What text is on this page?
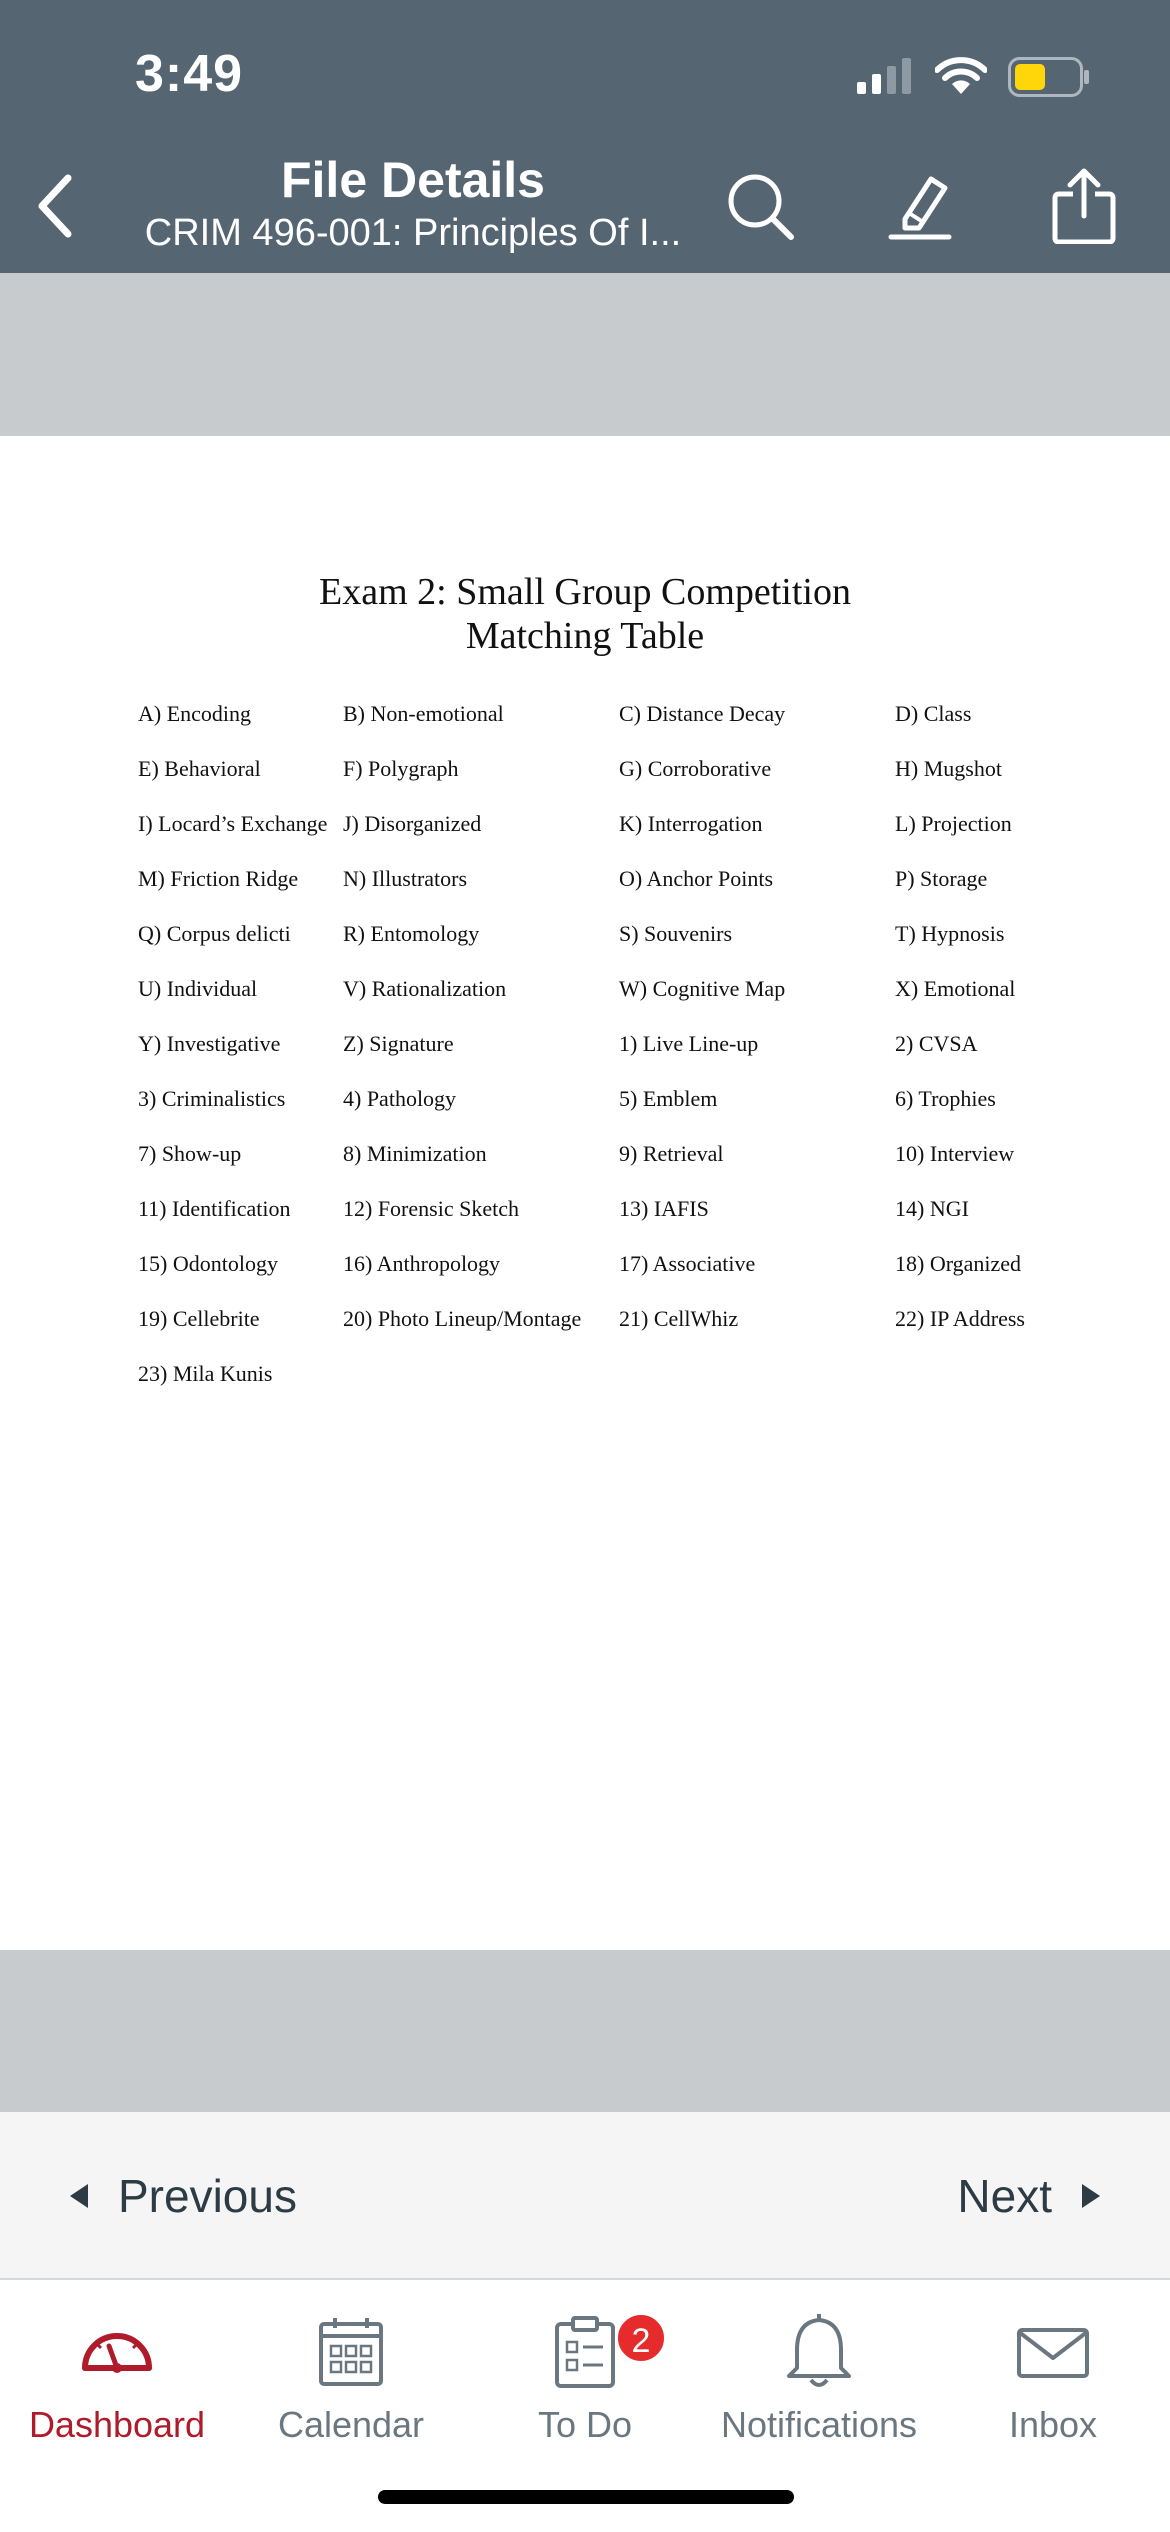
3:49
File Details
CRIM 496-001: Principles Of I...
Exam 2: Small Group Competition
Matching Table
A) Encoding	B) Non-emotional	C) Distance Decay	D) Class
E) Behavioral	F) Polygraph	G) Corroborative	H) Mugshot
I) Locard’s Exchange J) Disorganized	K) Interrogation	L) Projection
M) Friction Ridge N) Illustrators	O) Anchor Points	P) Storage
Q) Corpus delicti R) Entomology	S) Souvenirs	T) Hypnosis
U) Individual	V) Rationalization	W) Cognitive Map	X) Emotional
Y) Investigative	Z) Signature	1) Live Line-up	2) CVSA
3) Criminalistics	4) Pathology	5) Emblem	6) Trophies
7) Show-up	8) Minimization	9) Retrieval	10) Interview
11) Identification 12) Forensic Sketch	13) IAFIS	14) NGI
15) Odontology	16) Anthropology	17) Associative	18) Organized
19) Cellebrite	20) Photo Lineup/Montage 21) CellWhiz	22) IP Address
23) Mila Kunis
Previous	Next
Dashboard	Calendar
2
To Do	Notifications	Inbox
